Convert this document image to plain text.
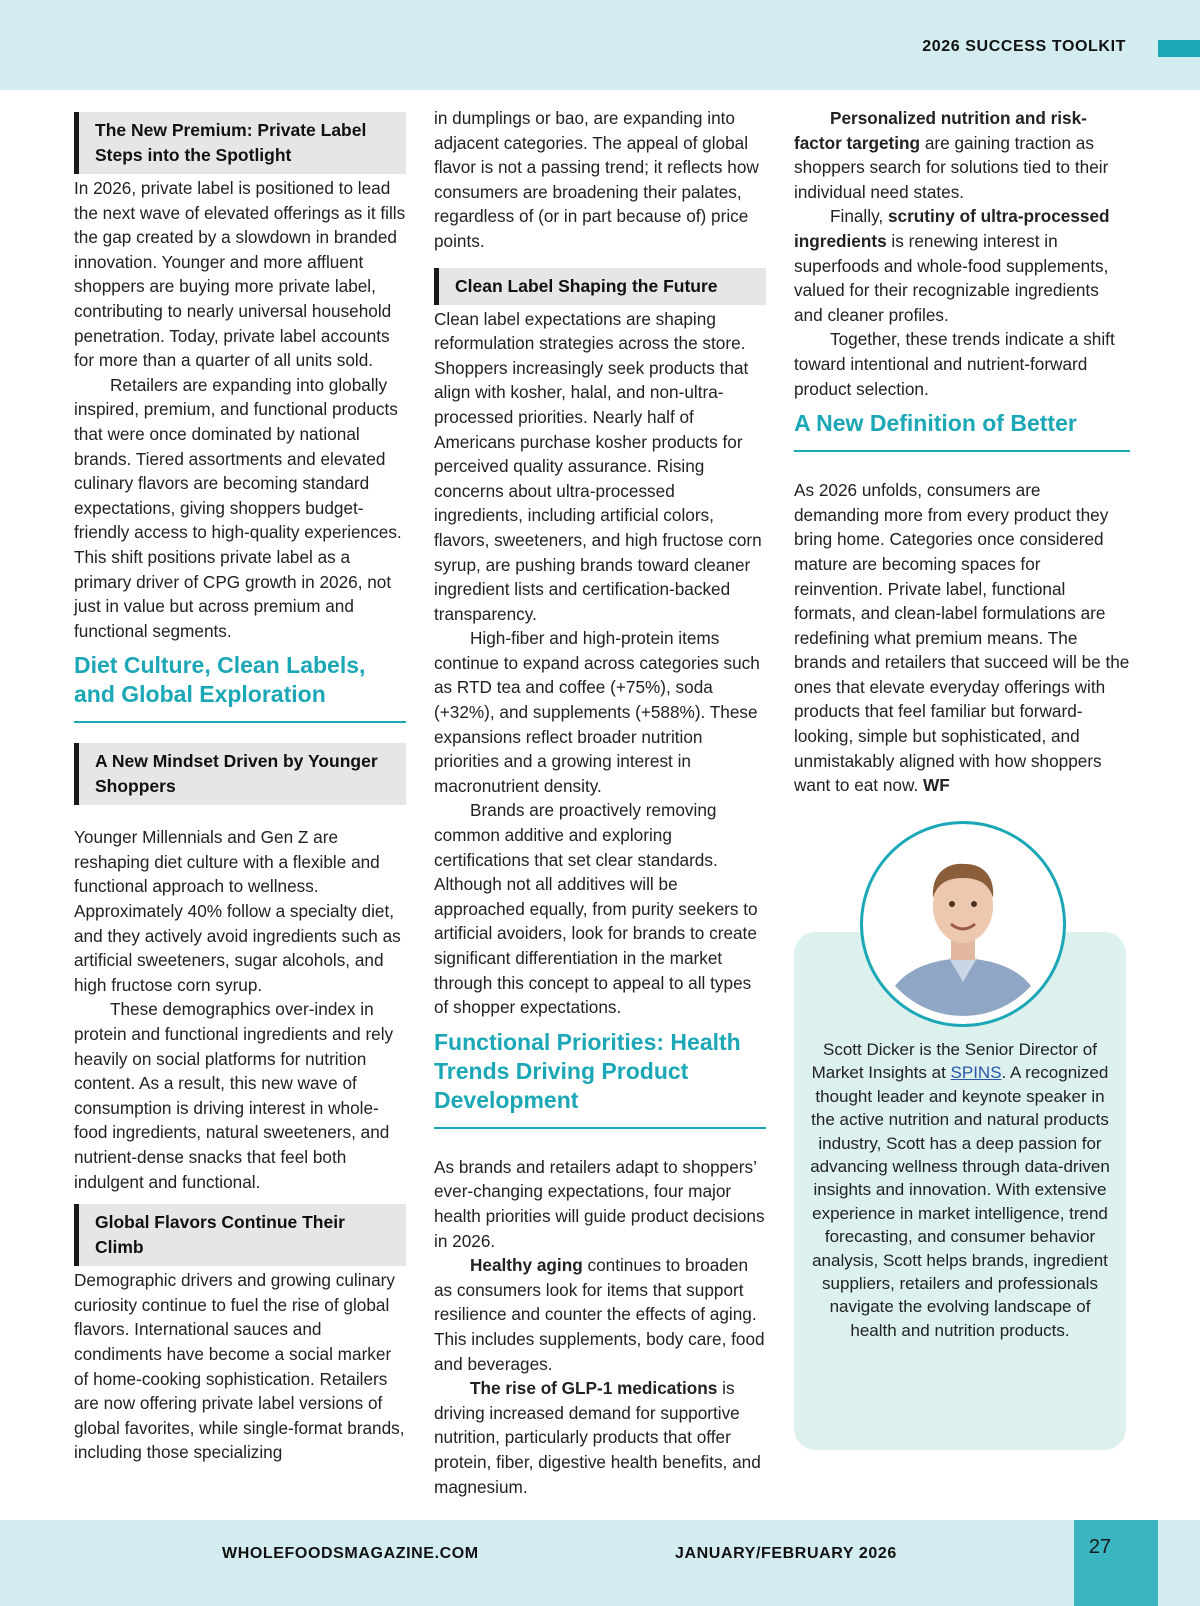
2026 SUCCESS TOOLKIT
The New Premium: Private Label Steps into the Spotlight

In 2026, private label is positioned to lead the next wave of elevated offerings as it fills the gap created by a slowdown in branded innovation. Younger and more affluent shoppers are buying more private label, contributing to nearly universal household penetration. Today, private label accounts for more than a quarter of all units sold.

Retailers are expanding into globally inspired, premium, and functional products that were once dominated by national brands. Tiered assortments and elevated culinary flavors are becoming standard expectations, giving shoppers budget-friendly access to high-quality experiences. This shift positions private label as a primary driver of CPG growth in 2026, not just in value but across premium and functional segments.

Diet Culture, Clean Labels, and Global Exploration
A New Mindset Driven by Younger Shoppers

Younger Millennials and Gen Z are reshaping diet culture with a flexible and functional approach to wellness. Approximately 40% follow a specialty diet, and they actively avoid ingredients such as artificial sweeteners, sugar alcohols, and high fructose corn syrup.

These demographics over-index in protein and functional ingredients and rely heavily on social platforms for nutrition content. As a result, this new wave of consumption is driving interest in whole-food ingredients, natural sweeteners, and nutrient-dense snacks that feel both indulgent and functional.

Global Flavors Continue Their Climb

Demographic drivers and growing culinary curiosity continue to fuel the rise of global flavors. International sauces and condiments have become a social marker of home-cooking sophistication. Retailers are now offering private label versions of global favorites, while single-format brands, including those specializing

in dumplings or bao, are expanding into adjacent categories. The appeal of global flavor is not a passing trend; it reflects how consumers are broadening their palates, regardless of (or in part because of) price points.

Clean Label Shaping the Future

Clean label expectations are shaping reformulation strategies across the store. Shoppers increasingly seek products that align with kosher, halal, and non-ultra-processed priorities. Nearly half of Americans purchase kosher products for perceived quality assurance. Rising concerns about ultra-processed ingredients, including artificial colors, flavors, sweeteners, and high fructose corn syrup, are pushing brands toward cleaner ingredient lists and certification-backed transparency.

High-fiber and high-protein items continue to expand across categories such as RTD tea and coffee (+75%), soda (+32%), and supplements (+588%). These expansions reflect broader nutrition priorities and a growing interest in macronutrient density.

Brands are proactively removing common additive and exploring certifications that set clear standards. Although not all additives will be approached equally, from purity seekers to artificial avoiders, look for brands to create significant differentiation in the market through this concept to appeal to all types of shopper expectations.

Functional Priorities: Health Trends Driving Product Development

As brands and retailers adapt to shoppers’ ever-changing expectations, four major health priorities will guide product decisions in 2026.

Healthy aging continues to broaden as consumers look for items that support resilience and counter the effects of aging. This includes supplements, body care, food and beverages.

The rise of GLP-1 medications is driving increased demand for supportive nutrition, particularly products that offer protein, fiber, digestive health benefits, and magnesium.

Personalized nutrition and risk-factor targeting are gaining traction as shoppers search for solutions tied to their individual need states.

Finally, scrutiny of ultra-processed ingredients is renewing interest in superfoods and whole-food supplements, valued for their recognizable ingredients and cleaner profiles.

Together, these trends indicate a shift toward intentional and nutrient-forward product selection.

A New Definition of Better

As 2026 unfolds, consumers are demanding more from every product they bring home. Categories once considered mature are becoming spaces for reinvention. Private label, functional formats, and clean-label formulations are redefining what premium means. The brands and retailers that succeed will be the ones that elevate everyday offerings with products that feel familiar but forward-looking, simple but sophisticated, and unmistakably aligned with how shoppers want to eat now. WF

Scott Dicker is the Senior Director of Market Insights at SPINS. A recognized thought leader and keynote speaker in the active nutrition and natural products industry, Scott has a deep passion for advancing wellness through data-driven insights and innovation. With extensive experience in market intelligence, trend forecasting, and consumer behavior analysis, Scott helps brands, ingredient suppliers, retailers and professionals navigate the evolving landscape of health and nutrition products.
WHOLEFOODSMAGAZINE.COM	JANUARY/FEBRUARY 2026	27
